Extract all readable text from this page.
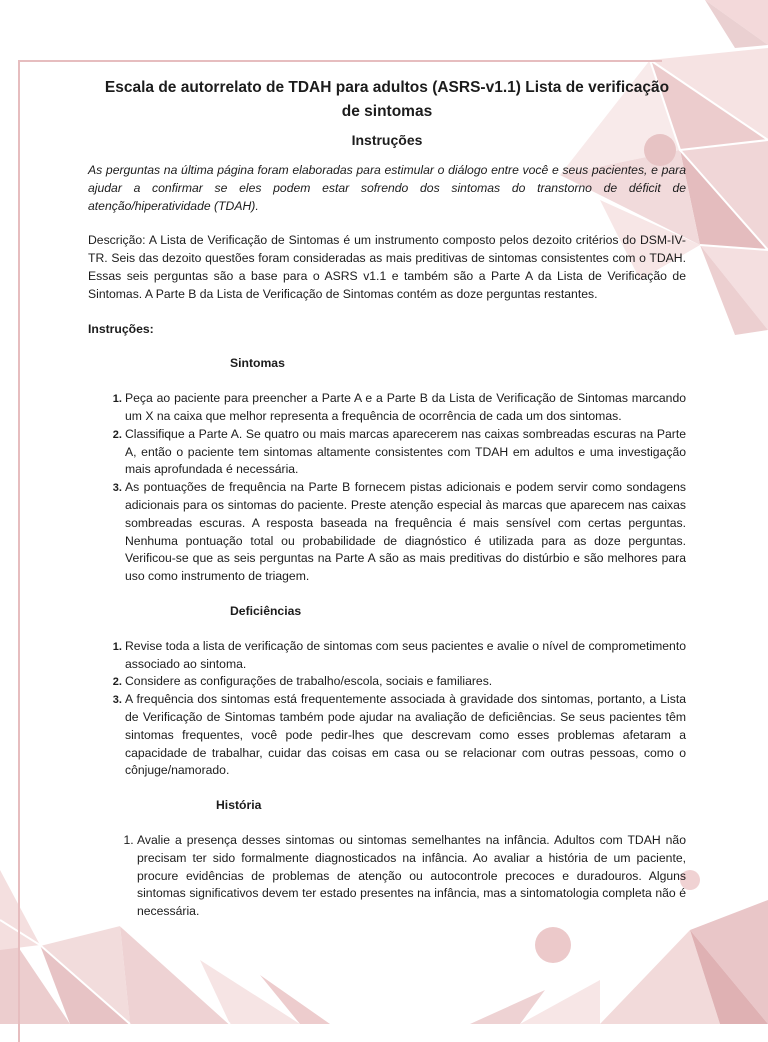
Escala de autorrelato de TDAH para adultos (ASRS-v1.1) Lista de verificação de sintomas
Instruções

As perguntas na última página foram elaboradas para estimular o diálogo entre você e seus pacientes, e para ajudar a confirmar se eles podem estar sofrendo dos sintomas do transtorno de déficit de atenção/hiperatividade (TDAH).

Descrição: A Lista de Verificação de Sintomas é um instrumento composto pelos dezoito critérios do DSM-IV-TR. Seis das dezoito questões foram consideradas as mais preditivas de sintomas consistentes com o TDAH. Essas seis perguntas são a base para o ASRS v1.1 e também são a Parte A da Lista de Verificação de Sintomas. A Parte B da Lista de Verificação de Sintomas contém as doze perguntas restantes.

Instruções:

Sintomas

1. Peça ao paciente para preencher a Parte A e a Parte B da Lista de Verificação de Sintomas marcando um X na caixa que melhor representa a frequência de ocorrência de cada um dos sintomas.
2. Classifique a Parte A. Se quatro ou mais marcas aparecerem nas caixas sombreadas escuras na Parte A, então o paciente tem sintomas altamente consistentes com TDAH em adultos e uma investigação mais aprofundada é necessária.
3. As pontuações de frequência na Parte B fornecem pistas adicionais e podem servir como sondagens adicionais para os sintomas do paciente. Preste atenção especial às marcas que aparecem nas caixas sombreadas escuras. A resposta baseada na frequência é mais sensível com certas perguntas. Nenhuma pontuação total ou probabilidade de diagnóstico é utilizada para as doze perguntas. Verificou-se que as seis perguntas na Parte A são as mais preditivas do distúrbio e são melhores para uso como instrumento de triagem.

Deficiências

1. Revise toda a lista de verificação de sintomas com seus pacientes e avalie o nível de comprometimento associado ao sintoma.
2. Considere as configurações de trabalho/escola, sociais e familiares.
3. A frequência dos sintomas está frequentemente associada à gravidade dos sintomas, portanto, a Lista de Verificação de Sintomas também pode ajudar na avaliação de deficiências. Se seus pacientes têm sintomas frequentes, você pode pedir-lhes que descrevam como esses problemas afetaram a capacidade de trabalhar, cuidar das coisas em casa ou se relacionar com outras pessoas, como o cônjuge/namorado.

História

1. Avalie a presença desses sintomas ou sintomas semelhantes na infância. Adultos com TDAH não precisam ter sido formalmente diagnosticados na infância. Ao avaliar a história de um paciente, procure evidências de problemas de atenção ou autocontrole precoces e duradouros. Alguns sintomas significativos devem ter estado presentes na infância, mas a sintomatologia completa não é necessária.
